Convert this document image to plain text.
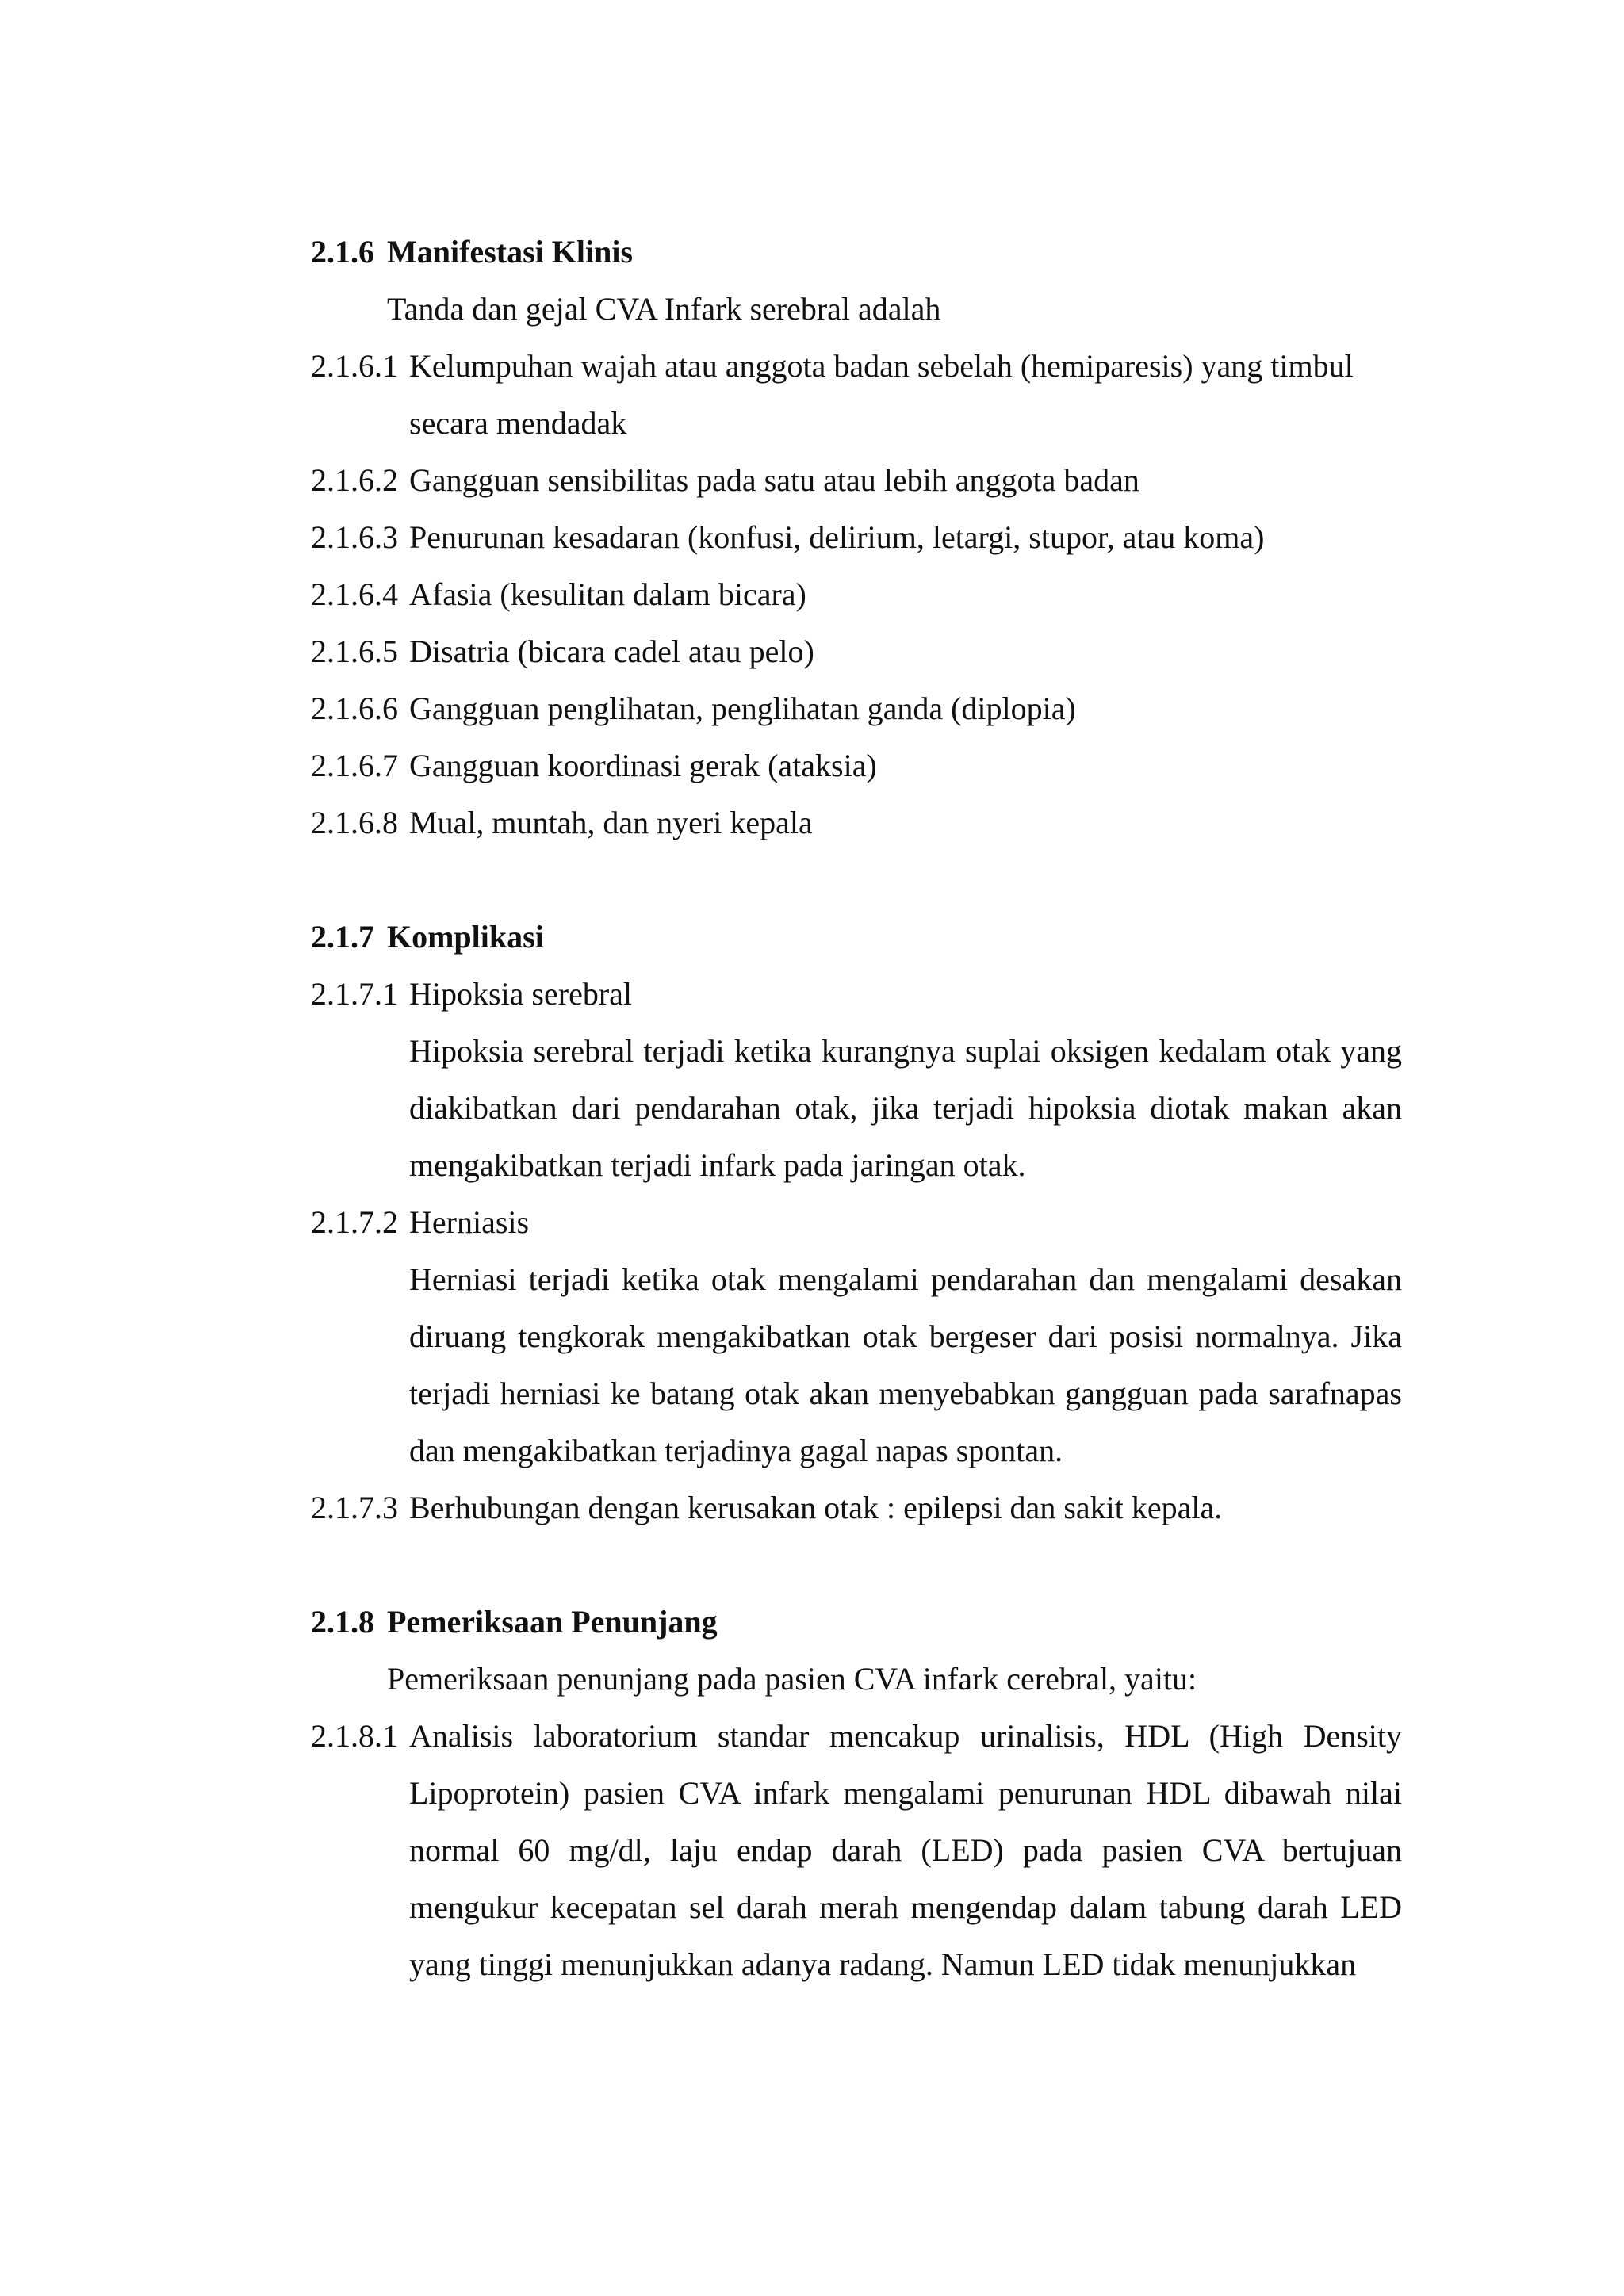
2.1.6 Manifestasi Klinis
Tanda dan gejal CVA Infark serebral adalah
2.1.6.1 Kelumpuhan wajah atau anggota badan sebelah (hemiparesis) yang timbul secara mendadak
2.1.6.2 Gangguan sensibilitas pada satu atau lebih anggota badan
2.1.6.3 Penurunan kesadaran (konfusi, delirium, letargi, stupor, atau koma)
2.1.6.4 Afasia (kesulitan dalam bicara)
2.1.6.5 Disatria (bicara cadel atau pelo)
2.1.6.6 Gangguan penglihatan, penglihatan ganda (diplopia)
2.1.6.7 Gangguan koordinasi gerak (ataksia)
2.1.6.8 Mual, muntah, dan nyeri kepala
2.1.7 Komplikasi
2.1.7.1 Hipoksia serebral
Hipoksia serebral terjadi ketika kurangnya suplai oksigen kedalam otak yang diakibatkan dari pendarahan otak, jika terjadi hipoksia diotak makan akan mengakibatkan terjadi infark pada jaringan otak.
2.1.7.2 Herniasis
Herniasi terjadi ketika otak mengalami pendarahan dan mengalami desakan diruang tengkorak mengakibatkan otak bergeser dari posisi normalnya. Jika terjadi herniasi ke batang otak akan menyebabkan gangguan pada sarafnapas dan mengakibatkan terjadinya gagal napas spontan.
2.1.7.3 Berhubungan dengan kerusakan otak : epilepsi dan sakit kepala.
2.1.8 Pemeriksaan Penunjang
Pemeriksaan penunjang pada pasien CVA infark cerebral, yaitu:
2.1.8.1 Analisis laboratorium standar mencakup urinalisis, HDL (High Density Lipoprotein) pasien CVA infark mengalami penurunan HDL dibawah nilai normal 60 mg/dl, laju endap darah (LED) pada pasien CVA bertujuan mengukur kecepatan sel darah merah mengendap dalam tabung darah LED yang tinggi menunjukkan adanya radang. Namun LED tidak menunjukkan
